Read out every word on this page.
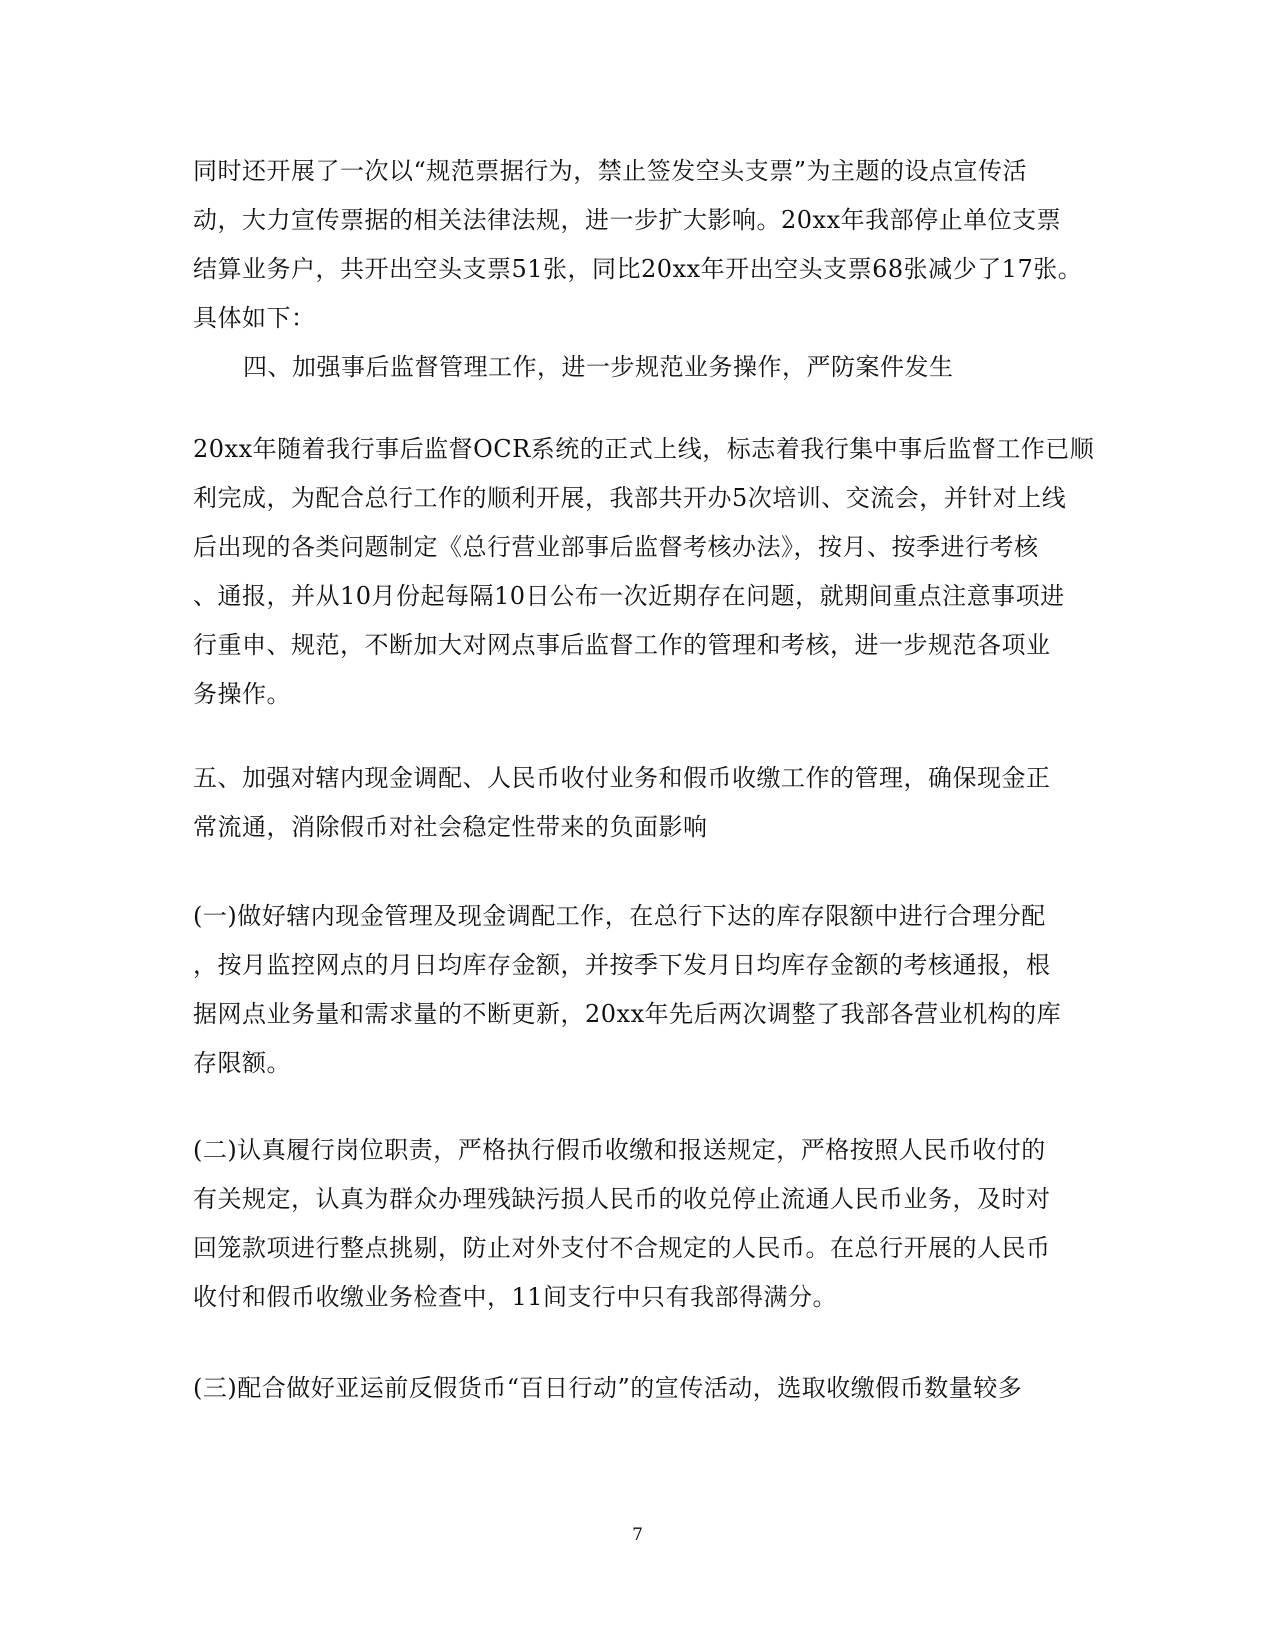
同时还开展了一次以“规范票据行为，禁止签发空头支票”为主题的设点宣传活
动，大力宣传票据的相关法律法规，进一步扩大影响。20xx年我部停止单位支票
结算业务户，共开出空头支票51张，同比20xx年开出空头支票68张减少了17张。
具体如下：
四、加强事后监督管理工作，进一步规范业务操作，严防案件发生
20xx年随着我行事后监督OCR系统的正式上线，标志着我行集中事后监督工作已顺
利完成，为配合总行工作的顺利开展，我部共开办5次培训、交流会，并针对上线
后出现的各类问题制定《总行营业部事后监督考核办法》，按月、按季进行考核
、通报，并从10月份起每隔10日公布一次近期存在问题，就期间重点注意事项进
行重申、规范，不断加大对网点事后监督工作的管理和考核，进一步规范各项业
务操作。
五、加强对辖内现金调配、人民币收付业务和假币收缴工作的管理，确保现金正
常流通，消除假币对社会稳定性带来的负面影响
(一)做好辖内现金管理及现金调配工作，在总行下达的库存限额中进行合理分配
，按月监控网点的月日均库存金额，并按季下发月日均库存金额的考核通报，根
据网点业务量和需求量的不断更新，20xx年先后两次调整了我部各营业机构的库
存限额。
(二)认真履行岗位职责，严格执行假币收缴和报送规定，严格按照人民币收付的
有关规定，认真为群众办理残缺污损人民币的收兑停止流通人民币业务，及时对
回笼款项进行整点挑剔，防止对外支付不合规定的人民币。在总行开展的人民币
收付和假币收缴业务检查中，11间支行中只有我部得满分。
(三)配合做好亚运前反假货币“百日行动”的宣传活动，选取收缴假币数量较多
7
